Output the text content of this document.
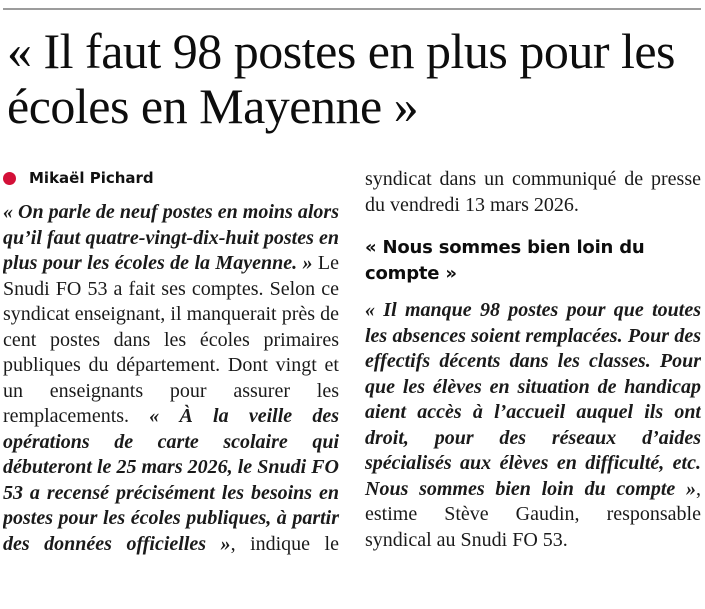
« Il faut 98 postes en plus pour les écoles en Mayenne »
Mikaël Pichard

« On parle de neuf postes en moins alors qu’il faut quatre-vingt-dix-huit postes en plus pour les écoles de la Mayenne. » Le Snudi FO 53 a fait ses comptes. Selon ce syndicat enseignant, il manquerait près de cent postes dans les écoles primaires publiques du département. Dont vingt et un enseignants pour assurer les remplacements. « À la veille des opérations de carte scolaire qui débuteront le 25 mars 2026, le Snudi FO 53 a recensé précisément les besoins en postes pour les écoles publiques, à partir des données officielles », indique le syndicat dans un communiqué de presse du vendredi 13 mars 2026.

« Nous sommes bien loin du compte »

« Il manque 98 postes pour que toutes les absences soient remplacées. Pour des effectifs décents dans les classes. Pour que les élèves en situation de handicap aient accès à l’accueil auquel ils ont droit, pour des réseaux d’aides spécialisés aux élèves en difficulté, etc. Nous sommes bien loin du compte », estime Stève Gaudin, responsable syndical au Snudi FO 53.
